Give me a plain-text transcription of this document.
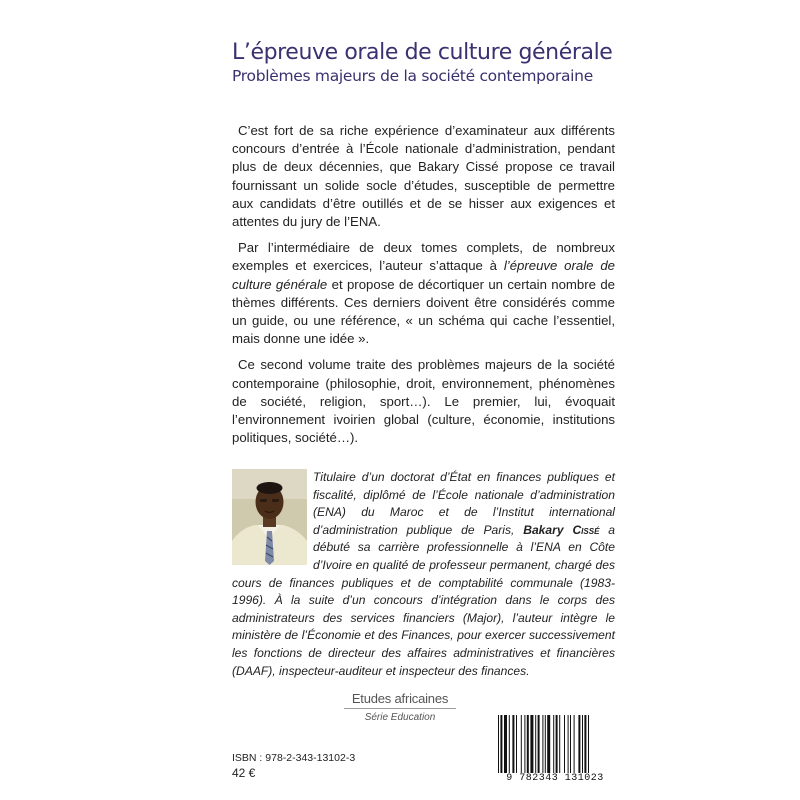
L’épreuve orale de culture générale
Problèmes majeurs de la société contemporaine

C’est fort de sa riche expérience d’examinateur aux différents concours d’entrée à l’École nationale d’administration, pendant plus de deux décennies, que Bakary Cissé propose ce travail fournissant un solide socle d’études, susceptible de permettre aux candidats d’être outillés et de se hisser aux exigences et attentes du jury de l’ENA.

Par l’intermédiaire de deux tomes complets, de nombreux exemples et exercices, l’auteur s’attaque à l’épreuve orale de culture générale et propose de décortiquer un certain nombre de thèmes différents. Ces derniers doivent être considérés comme un guide, ou une référence, « un schéma qui cache l’essentiel, mais donne une idée ».

Ce second volume traite des problèmes majeurs de la société contemporaine (philosophie, droit, environnement, phénomènes de société, religion, sport…). Le premier, lui, évoquait l’environnement ivoirien global (culture, économie, institutions politiques, société…).

Titulaire d’un doctorat d’État en finances publiques et fiscalité, diplômé de l’École nationale d’administration (ENA) du Maroc et de l’Institut international d’administration publique de Paris, Bakary Cissé a débuté sa carrière professionnelle à l’ENA en Côte d’Ivoire en qualité de professeur permanent, chargé des cours de finances publiques et de comptabilité communale (1983-1996). À la suite d’un concours d’intégration dans le corps des administrateurs des services financiers (Major), l’auteur intègre le ministère de l’Économie et des Finances, pour exercer successivement les fonctions de directeur des affaires administratives et financières (DAAF), inspecteur-auditeur et inspecteur des finances.

Etudes africaines
Série Education
ISBN : 978-2-343-13102-3
42 €	9 782343 131023
